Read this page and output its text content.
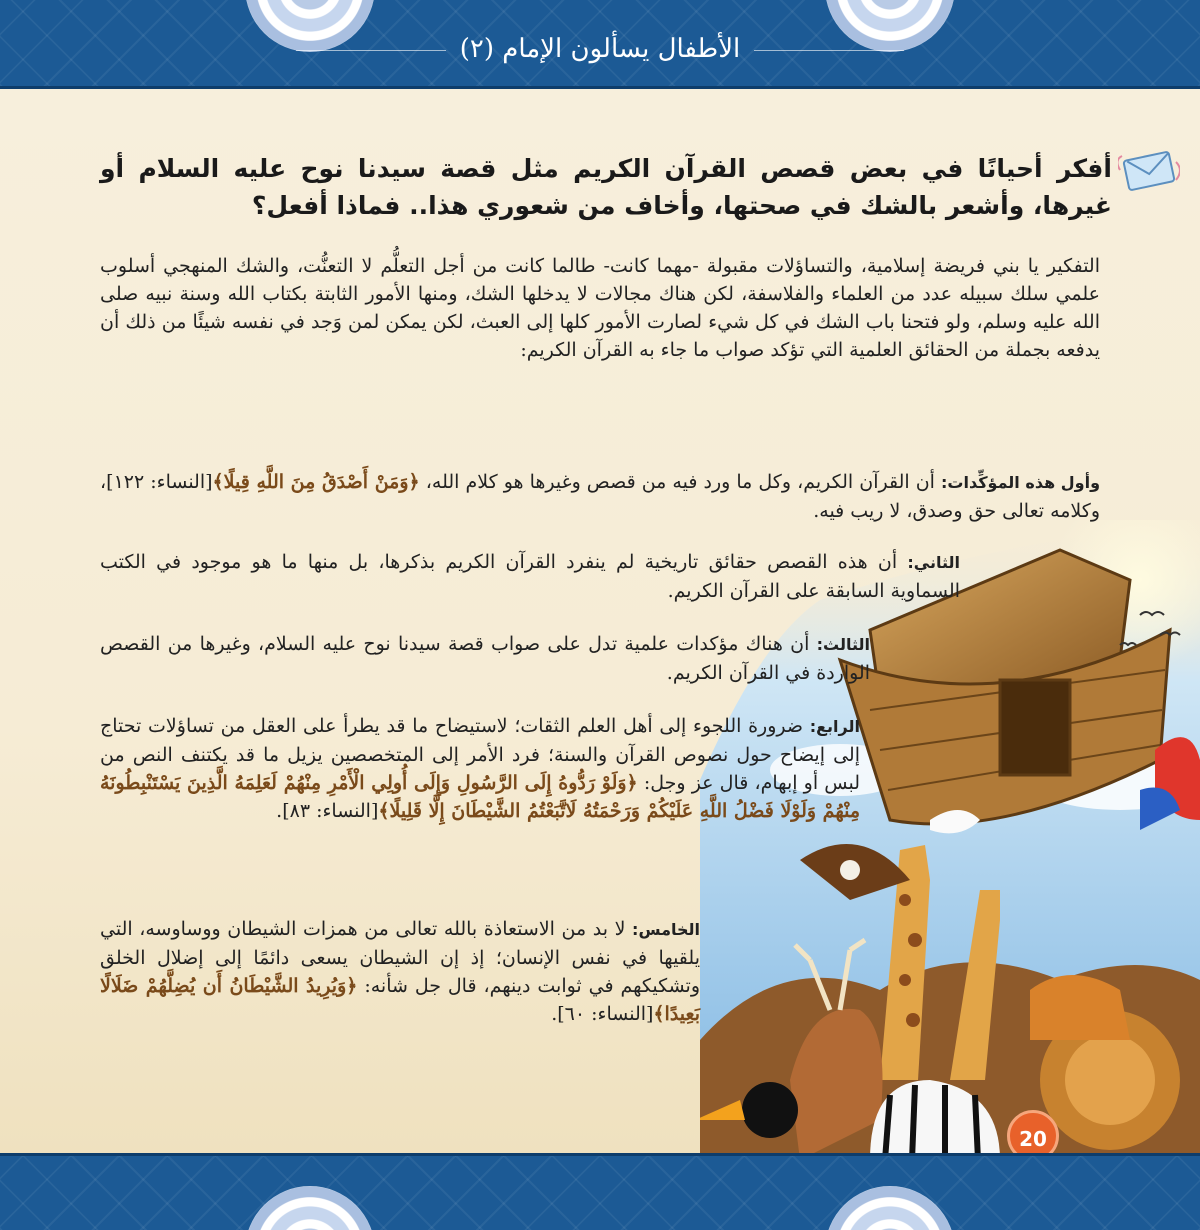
الأطفال يسألون الإمام (٢)
أفكر أحيانًا في بعض قصص القرآن الكريم مثل قصة سيدنا نوح عليه السلام أو غيرها، وأشعر بالشك في صحتها، وأخاف من شعوري هذا.. فماذا أفعل؟
التفكير يا بني فريضة إسلامية، والتساؤلات مقبولة -مهما كانت- طالما كانت من أجل التعلُّم لا التعنُّت، والشك المنهجي أسلوب علمي سلك سبيله عدد من العلماء والفلاسفة، لكن هناك مجالات لا يدخلها الشك، ومنها الأمور الثابتة بكتاب الله وسنة نبيه صلى الله عليه وسلم، ولو فتحنا باب الشك في كل شيء لصارت الأمور كلها إلى العبث، لكن يمكن لمن وَجد في نفسه شيئًا من ذلك أن يدفعه بجملة من الحقائق العلمية التي تؤكد صواب ما جاء به القرآن الكريم:
وأول هذه المؤكِّدات: أن القرآن الكريم، وكل ما ورد فيه من قصص وغيرها هو كلام الله، ﴿وَمَنْ أَصْدَقُ مِنَ اللَّهِ قِيلًا﴾[النساء: ١٢٢]، وكلامه تعالى حق وصدق، لا ريب فيه.
الثاني: أن هذه القصص حقائق تاريخية لم ينفرد القرآن الكريم بذكرها، بل منها ما هو موجود في الكتب السماوية السابقة على القرآن الكريم.
الثالث: أن هناك مؤكدات علمية تدل على صواب قصة سيدنا نوح عليه السلام، وغيرها من القصص الواردة في القرآن الكريم.
الرابع: ضرورة اللجوء إلى أهل العلم الثقات؛ لاستيضاح ما قد يطرأ على العقل من تساؤلات تحتاج إلى إيضاح حول نصوص القرآن والسنة؛ فرد الأمر إلى المتخصصين يزيل ما قد يكتنف النص من لبس أو إبهام، قال عز وجل: ﴿وَلَوْ رَدُّوهُ إِلَى الرَّسُولِ وَإِلَى أُولِي الْأَمْرِ مِنْهُمْ لَعَلِمَهُ الَّذِينَ يَسْتَنْبِطُونَهُ مِنْهُمْ وَلَوْلَا فَضْلُ اللَّهِ عَلَيْكُمْ وَرَحْمَتُهُ لَاتَّبَعْتُمُ الشَّيْطَانَ إِلَّا قَلِيلًا﴾[النساء: ٨٣].
الخامس: لا بد من الاستعاذة بالله تعالى من همزات الشيطان ووساوسه، التي يلقيها في نفس الإنسان؛ إذ إن الشيطان يسعى دائمًا إلى إضلال الخلق وتشكيكهم في ثوابت دينهم، قال جل شأنه: ﴿وَيُرِيدُ الشَّيْطَانُ أَن يُضِلَّهُمْ ضَلَالًا بَعِيدًا﴾[النساء: ٦٠].
20
